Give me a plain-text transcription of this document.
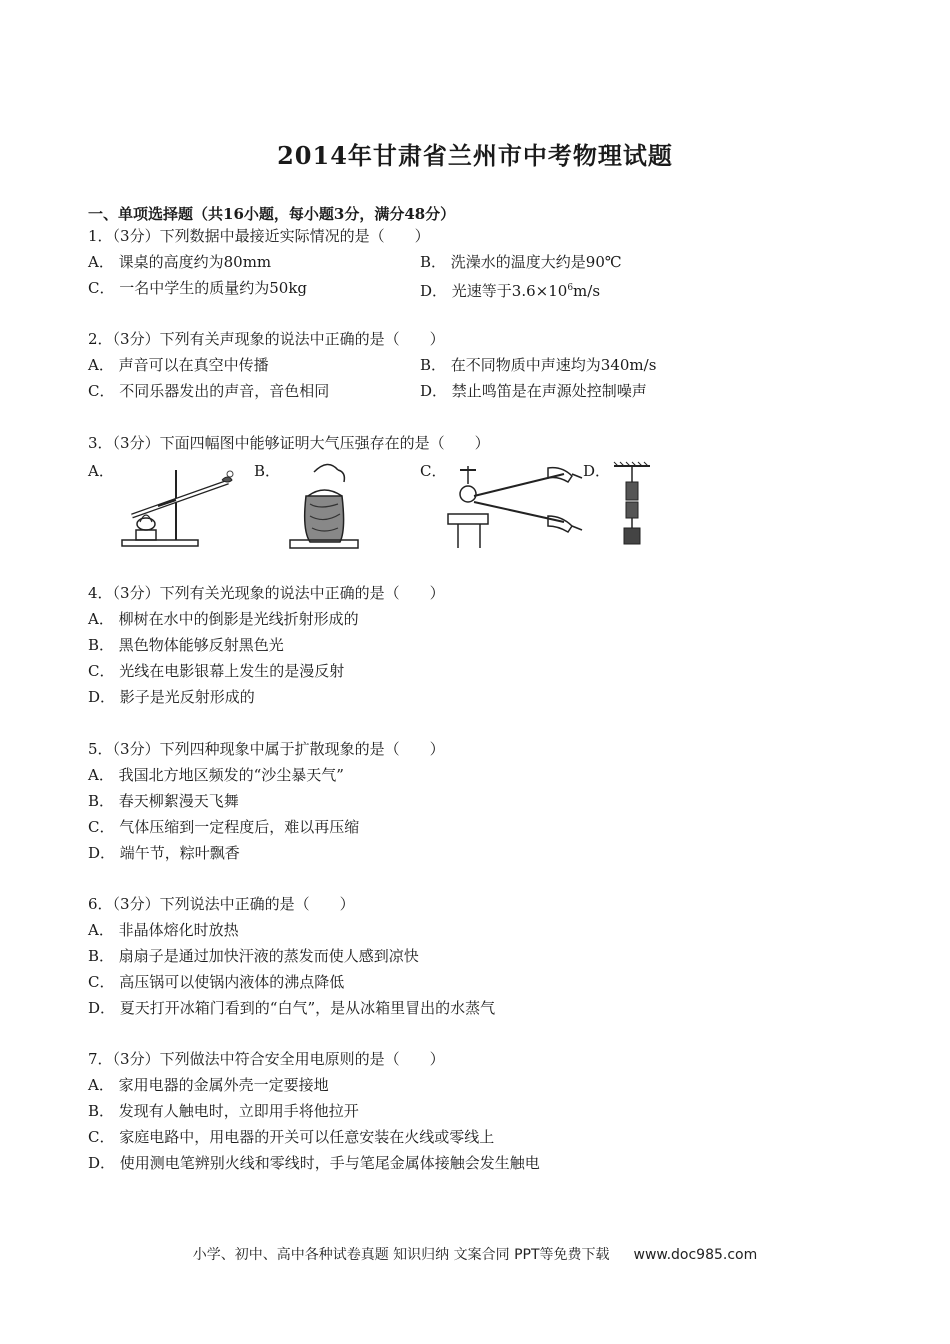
2014年甘肃省兰州市中考物理试题
一、单项选择题（共16小题，每小题3分，满分48分）
1．（3分）下列数据中最接近实际情况的是（　　）
A． 课桌的高度约为80mm	B． 洗澡水的温度大约是90℃
C． 一名中学生的质量约为50kg	D． 光速等于$3.6\times 10^6m/s$
2．（3分）下列有关声现象的说法中正确的是（　　）
A． 声音可以在真空中传播	B． 在不同物质中声速均为340m/s
C． 不同乐器发出的声音，音色相同	D． 禁止鸣笛是在声源处控制噪声
3．（3分）下面四幅图中能够证明大气压强存在的是（　　）
A．	B．	C．	D．
4．（3分）下列有关光现象的说法中正确的是（　　）
A． 柳树在水中的倒影是光线折射形成的
B． 黑色物体能够反射黑色光
C． 光线在电影银幕上发生的是漫反射
D． 影子是光反射形成的
5．（3分）下列四种现象中属于扩散现象的是（　　）
A． 我国北方地区频发的“沙尘暴天气”
B． 春天柳絮漫天飞舞
C． 气体压缩到一定程度后，难以再压缩
D． 端午节，粽叶飘香
6．（3分）下列说法中正确的是（　　）
A． 非晶体熔化时放热
B． 扇扇子是通过加快汗液的蒸发而使人感到凉快
C． 高压锅可以使锅内液体的沸点降低
D． 夏天打开冰箱门看到的“白气”，是从冰箱里冒出的水蒸气
7．（3分）下列做法中符合安全用电原则的是（　　）
A． 家用电器的金属外壳一定要接地
B． 发现有人触电时，立即用手将他拉开
C． 家庭电路中，用电器的开关可以任意安装在火线或零线上
D． 使用测电笔辨别火线和零线时，手与笔尾金属体接触会发生触电
小学、初中、高中各种试卷真题 知识归纳 文案合同 PPT等免费下载 www.doc985.com
